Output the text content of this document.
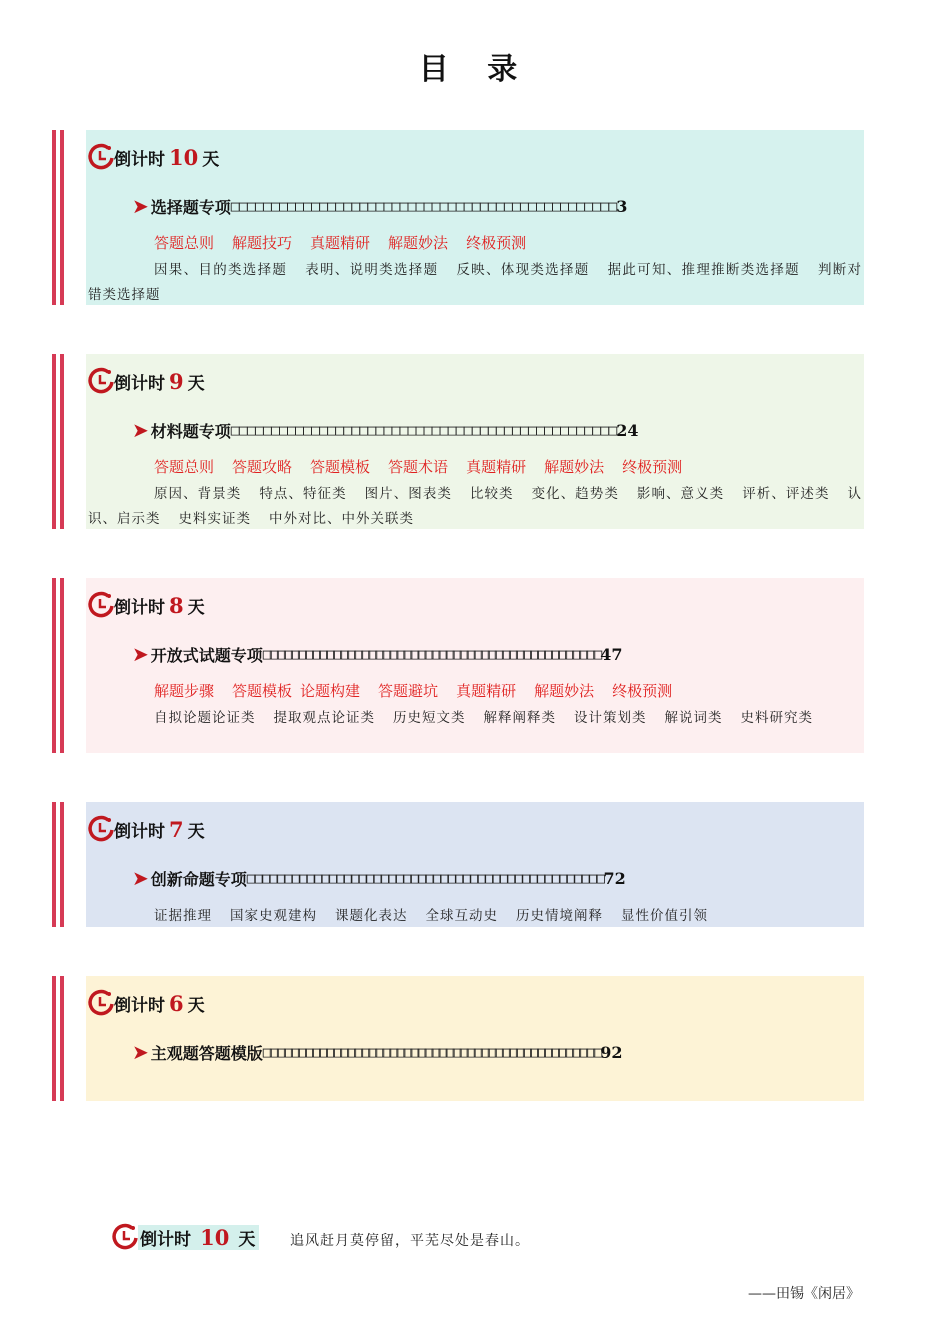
目 录
倒计时 10 天
➤ 选择题专项 □□□□□□□□□□□□□□□□□□□□□□□□□□□□□□□□□□□□□□□□□□□□□□□□ 3
答题总则 解题技巧 真题精研 解题妙法 终极预测
因果、目的类选择题 表明、说明类选择题 反映、体现类选择题 据此可知、推理推断类选择题 判断对错类选择题
倒计时 9 天
➤ 材料题专项 □□□□□□□□□□□□□□□□□□□□□□□□□□□□□□□□□□□□□□□□□□□□□□□□ 24
答题总则 答题攻略 答题模板 答题术语 真题精研 解题妙法 终极预测
原因、背景类 特点、特征类 图片、图表类 比较类 变化、趋势类 影响、意义类 评析、评述类 认识、启示类 史料实证类 中外对比、中外关联类
倒计时 8 天
➤ 开放式试题专项 □□□□□□□□□□□□□□□□□□□□□□□□□□□□□□□□□□□□□□□□□□□□□□□□ 47
解题步骤 答题模板 论题构建 答题避坑 真题精研 解题妙法 终极预测
自拟论题论证类 提取观点论证类 历史短文类 解释阐释类 设计策划类 解说词类 史料研究类
倒计时 7 天
➤ 创新命题专项 □□□□□□□□□□□□□□□□□□□□□□□□□□□□□□□□□□□□□□□□□□□□□□□□ 72
证据推理 国家史观建构 课题化表达 全球互动史 历史情境阐释 显性价值引领
倒计时 6 天
➤ 主观题答题模版 □□□□□□□□□□□□□□□□□□□□□□□□□□□□□□□□□□□□□□□□□□□□□□□□ 92
倒计时 10 天 追风赶月莫停留，平芜尽处是春山。
——田锡《闲居》
